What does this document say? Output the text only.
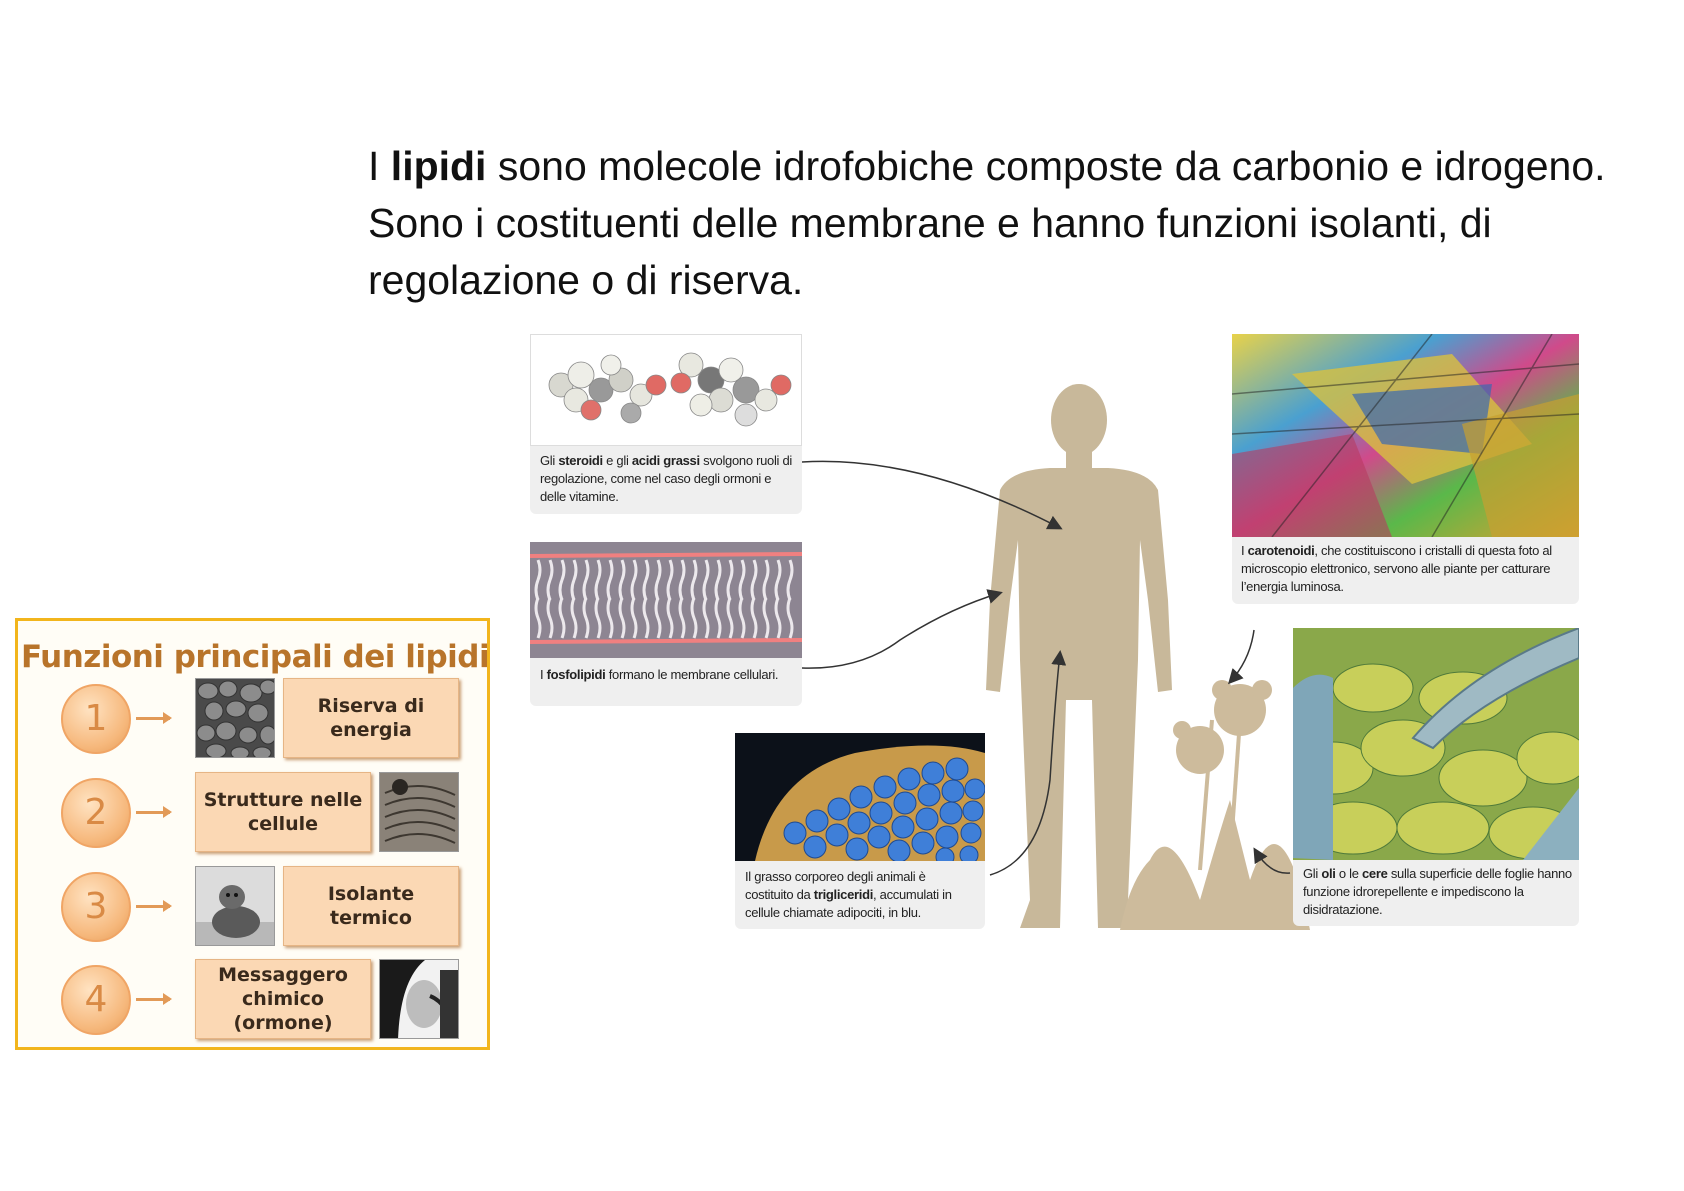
I lipidi sono molecole idrofobiche composte da carbonio e idrogeno. Sono i costituenti delle membrane e hanno funzioni isolanti, di regolazione o di riserva.
Funzioni principali dei lipidi
1	Riserva di energia
2	Strutture nelle cellule
3	Isolante termico
4
Messaggero chimico (ormone)
Gli steroidi e gli acidi grassi svolgono ruoli di regolazione, come nel caso degli ormoni e delle vitamine.
I fosfolipidi formano le membrane cellulari.
Il grasso corporeo degli animali è costituito da trigliceridi, accumulati in cellule chiamate adipociti, in blu.
I carotenoidi, che costituiscono i cristalli di questa foto al microscopio elettronico, servono alle piante per catturare l’energia luminosa.
Gli oli o le cere sulla superficie delle foglie hanno funzione idrorepellente e impediscono la disidratazione.
